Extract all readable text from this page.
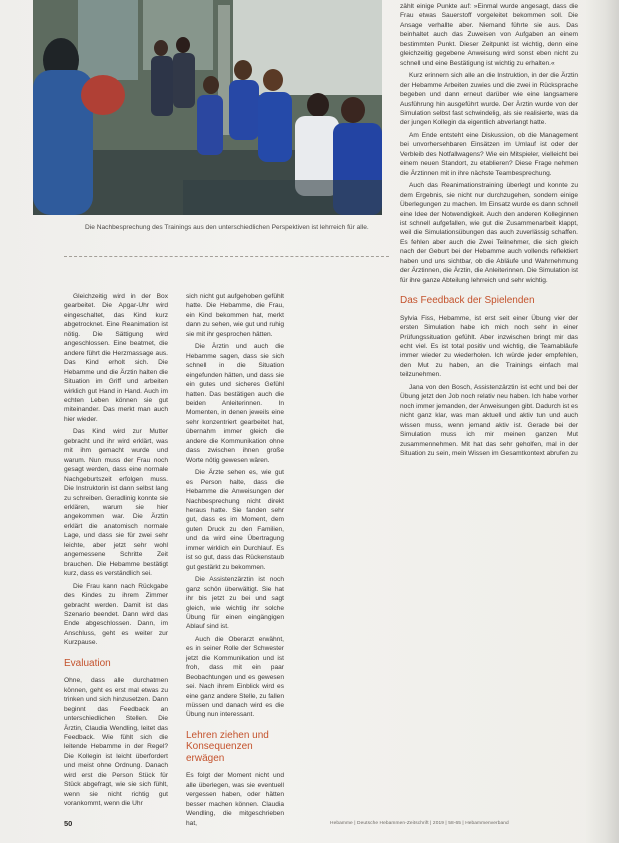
Die Nachbesprechung des Trainings aus den unterschiedlichen Perspektiven ist lehrreich für alle.

Gleichzeitig wird in der Box gearbeitet. Die Apgar-Uhr wird eingeschaltet, das Kind kurz abgetrocknet. Eine Reanimation ist nötig. Die Sättigung wird angeschlossen. Eine beatmet, die andere führt die Herzmassage aus. Das Kind erholt sich. Die Hebamme und die Ärztin halten die Situation im Griff und arbeiten wirklich gut Hand in Hand. Auch im echten Leben können sie gut miteinander. Das merkt man auch hier wieder.

Das Kind wird zur Mutter gebracht und ihr wird erklärt, was mit ihm gemacht wurde und warum. Nun muss der Frau noch gesagt werden, dass eine normale Nachgeburtszeit erfolgen muss. Die Instruktorin ist dann selbst lang zu schreiben. Geradlinig konnte sie erklären, warum sie hier angekommen war. Die Ärztin erklärt die anatomisch normale Lage, und dass sie für zwei sehr leichte, aber jetzt sehr wohl angemessene Schritte Zeit brauchen. Die Hebamme bestätigt kurz, dass es verständlich sei.

Die Frau kann nach Rückgabe des Kindes zu ihrem Zimmer gebracht werden. Damit ist das Szenario beendet. Dann wird das Ende abgeschlossen. Dann, im Anschluss, geht es weiter zur Kurzpause.

Evaluation

Ohne, dass alle durchatmen können, geht es erst mal etwas zu trinken und sich hinzusetzen. Dann beginnt das Feedback an unterschiedlichen Stellen. Die Ärztin, Claudia Wendling, leitet das Feedback. Wie fühlt sich die leitende Hebamme in der Regel? Die Kollegin ist leicht überfordert und meist ohne Ordnung. Danach wird erst die Person Stück für Stück abgefragt, wie sie sich fühlt, wenn sie nicht richtig gut vorankommt, wenn die Uhr

sich nicht gut aufgehoben gefühlt hatte. Die Hebamme, die Frau, ein Kind bekommen hat, merkt dann zu sehen, wie gut und ruhig sie mit ihr gesprochen hätten.

Die Ärztin und auch die Hebamme sagen, dass sie sich schnell in die Situation eingefunden hätten, und dass sie ein gutes und sicheres Gefühl hatten. Das bestätigen auch die beiden Anleiterinnen. In Momenten, in denen jeweils eine sehr konzentriert gearbeitet hat, übernahm immer gleich die andere die Kommunikation ohne dass zwischen ihnen große Worte nötig gewesen wären.

Die Ärzte sehen es, wie gut es Person halte, dass die Hebamme die Anweisungen der Nachbesprechung nicht direkt heraus hatte. Sie fanden sehr gut, dass es im Moment, dem guten Druck zu den Familien, und da wird eine Übertragung immer wirklich ein Durchlauf. Es ist so gut, dass das Rückenstaub gut gestärkt zu bekommen.

Die Assistenzärztin ist noch ganz schön überwältigt. Sie hat ihr bis jetzt zu bei und sagt gleich, wie wichtig ihr solche Übung für einen eingängigen Ablauf sind ist.

Auch die Oberarzt erwähnt, es in seiner Rolle der Schwester jetzt die Kommunikation und ist froh, dass mit ein paar Beobachtungen und es gewesen sei. Nach ihrem Einblick wird es eine ganz andere Stelle, zu fallen müssen und danach wird es die Übung nun interessant.

Lehren ziehen und Konsequenzen erwägen

Es folgt der Moment nicht und alle überlegen, was sie eventuell vergessen haben, oder hätten besser machen können. Claudia Wendling, die mitgeschrieben hat,

zählt einige Punkte auf: »Einmal wurde angesagt, dass die Frau etwas Sauerstoff vorgeleitet bekommen soll. Die Ansage verhallte aber. Niemand führte sie aus. Das beinhaltet auch das Zuweisen von Aufgaben an einem bestimmten Punkt. Dieser Zeitpunkt ist wichtig, denn eine gleichzeitig gegebene Anweisung wird sonst eben nicht zu schnell und eine Bestätigung ist wichtig zu erhalten.«

Kurz erinnern sich alle an die Instruktion, in der die Ärztin der Hebamme Arbeiten zuwies und die zwei in Rücksprache begeben und dann erneut darüber wie eine langsamere Ausführung hin ausgeführt wurde. Der Ärztin wurde von der Simulation selbst fast schwindelig, als sie realisierte, was da der jungen Kollegin da eigentlich abverlangt hatte.

Am Ende entsteht eine Diskussion, ob die Management bei unvorhersehbaren Einsätzen im Umlauf ist oder der Verbleib des Notfallwagens? Wie ein Mitspieler, vielleicht bei einem neuen Standort, zu etablieren? Diese Frage nehmen die Ärztinnen mit in ihre nächste Teambesprechung.

Auch das Reanimationstraining überlegt und konnte zu dem Ergebnis, sie nicht nur durchzugehen, sondern einige Überlegungen zu machen. Im Einsatz wurde es dann schnell eine Idee der Notwendigkeit. Auch den anderen Kolleginnen ist schnell aufgefallen, wie gut die Zusammenarbeit klappt, weil die Simulationsübungen das auch zuverlässig schaffen. Es fehlen aber auch die Zwei Teilnehmer, die sich gleich nach der Geburt bei der Hebamme auch vollends reflektiert haben und uns sichtbar, ob die Abläufe und Wahrnehmung der Ärztinnen, die Ärztin, die Anleiterinnen. Die Simulation ist für ihre ganze Abteilung lehrreich und sehr wichtig.

Das Feedback der Spielenden

Sylvia Fiss, Hebamme, ist erst seit einer Übung vier der ersten Simulation habe ich mich noch sehr in einer Prüfungssituation gefühlt. Aber inzwischen bringt mir das echt viel. Es ist total positiv und wichtig, die Teamabläufe immer wieder zu wiederholen. Ich würde jeder empfehlen, den Mut zu haben, an die Trainings einfach mal teilzunehmen.

Jana von den Bosch, Assistenzärztin ist echt und bei der Übung jetzt den Job noch relativ neu haben. Ich habe vorher noch immer jemanden, der Anweisungen gibt. Dadurch ist es nicht ganz klar, was man aktuell und aktiv tun und auch wissen muss, wenn jemand aktiv ist. Gerade bei der Simulation muss ich mir meinen ganzen Mut zusammennehmen. Mit hat das sehr geholfen, mal in der Situation zu sein, mein Wissen im Gesamtkontext abrufen zu

50	Hebamme | Deutsche Hebammen-Zeitschrift | 2019 | 58-65 | Hebammenverband
